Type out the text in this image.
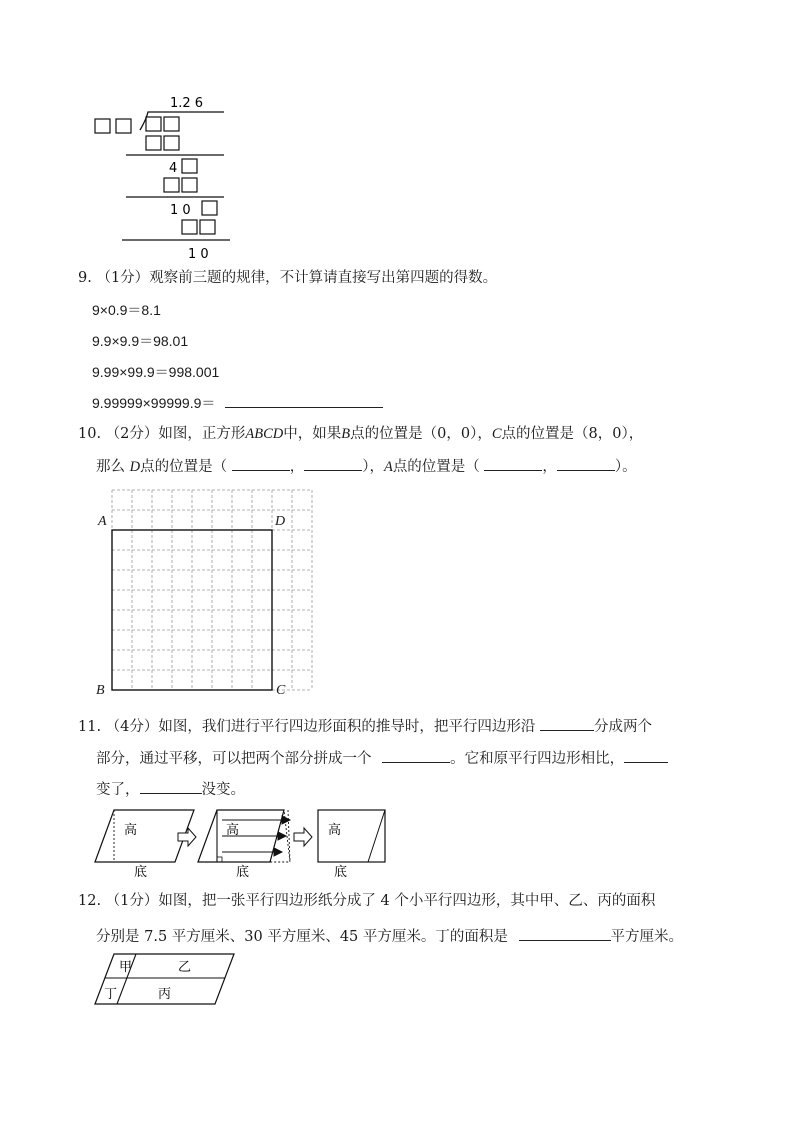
1.2 6
4
1 0
1 0
9. （1分）观察前三题的规律，不计算请直接写出第四题的得数。
9×0.9＝8.1
9.9×9.9＝98.01
9.99×99.9＝998.001
9.99999×99999.9＝
10. （2分）如图，正方形ABCD中，如果B点的位置是（0，0），C点的位置是（8，0），
那么 D点的位置是（	，	），A点的位置是（	，	）。
A	D
B	C
11. （4分）如图，我们进行平行四边形面积的推导时，把平行四边形沿	分成两个
部分，通过平移，可以把两个部分拼成一个	。它和原平行四边形相比，
变了，	没变。
高
底
高
底
高
底
12. （1分）如图，把一张平行四边形纸分成了 4 个小平行四边形，其中甲、乙、丙的面积
分别是 7.5 平方厘米、30 平方厘米、45 平方厘米。丁的面积是	平方厘米。
甲	乙
丁	丙
